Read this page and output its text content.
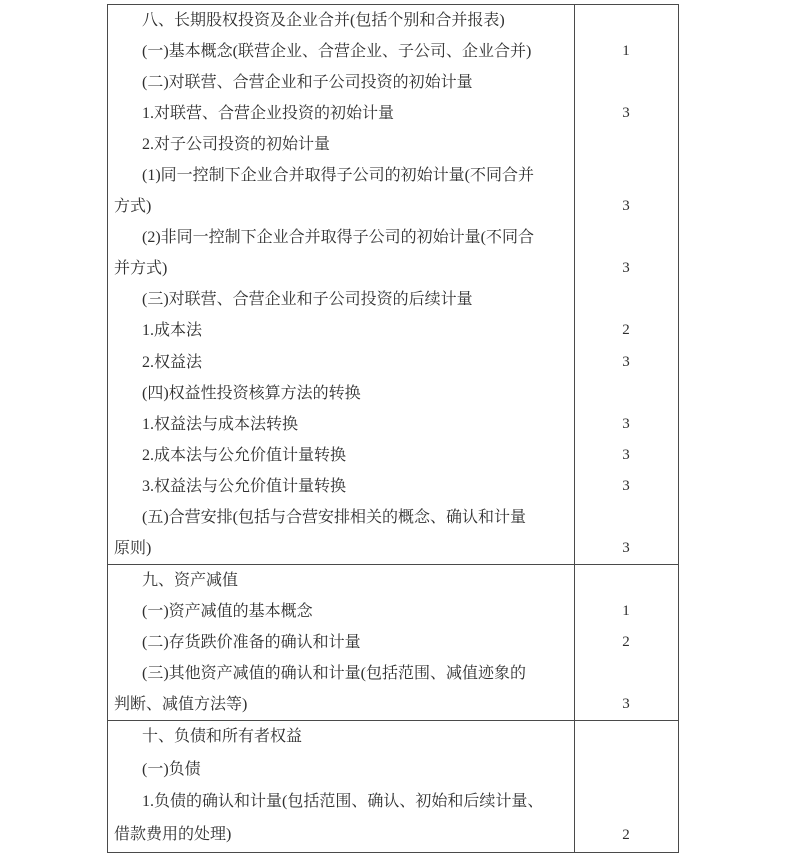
八、长期股权投资及企业合并(包括个别和合并报表)
(一)基本概念(联营企业、合营企业、子公司、企业合并)	1
(二)对联营、合营企业和子公司投资的初始计量
1.对联营、合营企业投资的初始计量	3
2.对子公司投资的初始计量
(1)同一控制下企业合并取得子公司的初始计量(不同合并
方式)	3
(2)非同一控制下企业合并取得子公司的初始计量(不同合
并方式)	3
(三)对联营、合营企业和子公司投资的后续计量
1.成本法	2
2.权益法	3
(四)权益性投资核算方法的转换
1.权益法与成本法转换	3
2.成本法与公允价值计量转换	3
3.权益法与公允价值计量转换	3
(五)合营安排(包括与合营安排相关的概念、确认和计量
原则)	3
九、资产减值
(一)资产减值的基本概念	1
(二)存货跌价准备的确认和计量	2
(三)其他资产减值的确认和计量(包括范围、减值迹象的
判断、减值方法等)	3
十、负债和所有者权益
(一)负债
1.负债的确认和计量(包括范围、确认、初始和后续计量、
借款费用的处理)	2
